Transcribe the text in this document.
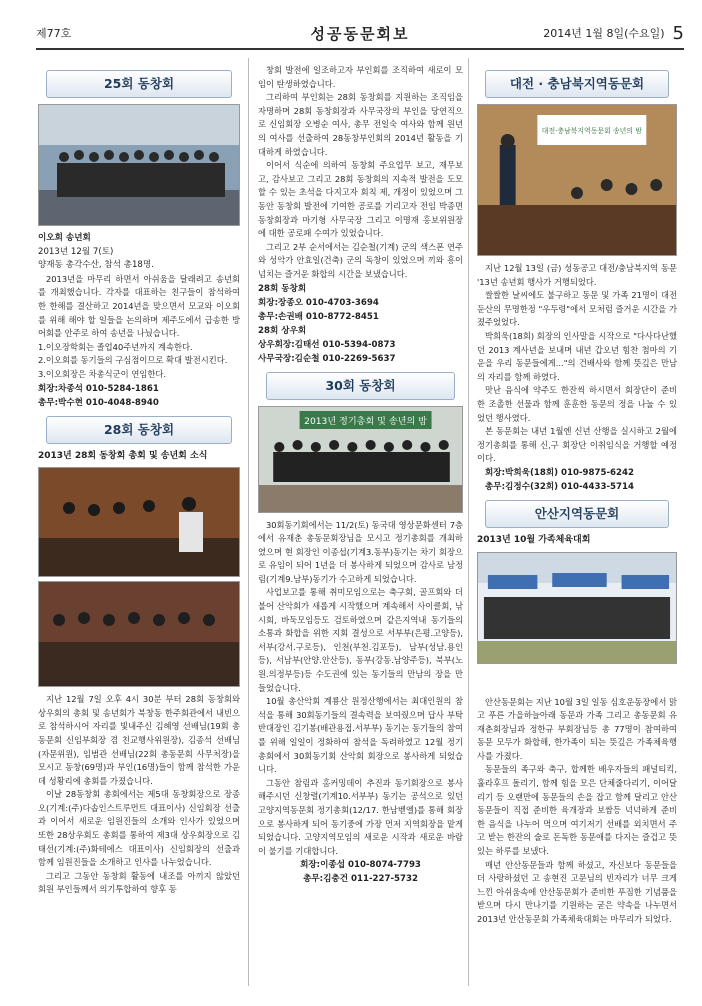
제77호	성공동문회보	2014년 1월 8일(수요일) 5
25회 동창회
이오회 송년회
2013년 12월 7(토)
양재동 총각수산, 참석 총18명.

2013년을 마무리 하면서 아쉬움을 달래려고 송년회를 개최했습니다. 각자를 대표하는 친구들이 참석하여 한 한해를 결산하고 2014년을 맞으면서 모교와 이오회를 위해 해야 할 일들을 논의하며 제주도에서 급송한 방어회를 안주로 하여 송년을 나눴습니다.

1.이오장학회는 졸업40주년까지 계속한다.
2.이오회를 동기들의 구심점이므로 확대 발전시킨다.
3.이오회장은 차총식군이 연임한다.
회장:차종석 010-5284-1861
총무:박수현 010-4048-8940
28회 동창회
2013년 28회 동창회 총회 및 송년회 소식

지난 12월 7일 오후 4시 30분 부터 28회 동창회와 상우회의 총회 및 송년회가 북창동 한주회관에서 내빈으로 참석하시어 자리를 빛내주신 김혜영 선배님(19회 총동문회 신임부회장 겸 친교행사위원장), 김종석 선배님(자문위원), 임범관 선배님(22회 총동문회 사무처장)을 모시고 동창(69명)과 부인(16명)들이 함께 참석한 가운데 성황리에 총회를 가졌습니다.

이날 28동창회 총회에서는 제5대 동창회장으로 장종오(기계:(주)다솝인스트루먼트 대표이사) 신임회장 선출과 이어서 새로운 임원진들의 소개와 인사가 있었으며 또한 28상우회도 총회를 통하여 제3대 상우회장으로 김태선(기계:(주)화테에스 대표이사) 신임회장의 선출과 함께 임원진들을 소개하고 인사를 나누었습니다.

그리고 그동안 동창회 활동에 내조를 아끼지 않았던 회원 부인들께서 의기투합하여 향후 동

창회 발전에 일조하고자 부인회를 조직하여 새로이 모임이 탄생하였습니다.

그리하여 부인회는 28회 동창회를 지원하는 조직임을 자명하며 28회 동창회장과 사무국장의 부인을 당연직으로 신임회장 오병순 여사, 총무 전일숙 여사와 함께 원년의 여사를 선출하여 28동창부인회의 2014년 활동을 기대하게 하였습니다.

이어서 식순에 의하여 동창회 주요업무 보고, 재무보고, 감사보고 그리고 28회 동창회의 지속적 발전을 도모할 수 있는 초석을 다지고자 회칙 제, 개정이 있었으며 그 동안 동창회 발전에 기여한 공로를 기리고자 전임 박종면 동창회장과 마기형 사무국장 그리고 이명재 홍보위원장에 대한 공로패 수여가 있었습니다.

그리고 2부 순서에서는 김순철(기계) 군의 색스폰 연주와 성악가 안효일(건축) 군의 독창이 있었으며 끼와 흥이 넘치는 즐거운 화합의 시간을 보냈습니다.

28회 동창회
회장:장종오 010-4703-3694
총무:손권배 010-8772-8451
28회 상우회
상우회장:김태선 010-5394-0873
사무국장:김순철 010-2269-5637
30회 동창회
2013년 정기총회 및 송년의 밤

30회동기회에서는 11/2(토) 동국대 영상문화센터 7층에서 유재춘 총동문회장님을 모시고 정기총회를 개최하였으며 현 회장인 이종섭(기계3.동부)동기는 차기 회장으로 유임이 되어 1년을 더 봉사하게 되었으며 감사로 남정림(기계9.남부)동기가 수고하게 되었습니다.

사업보고를 통해 취미모임으로는 축구회, 골프회와 더불어 산악회가 새롭게 시작했으며 계속해서 사이클회, 낚시회, 바둑모임등도 검토하였으며 같은지역내 동기들의 소통과 화합을 위한 지회 결성으로 서부부(은평.고양등), 서부(강서.구로등), 인천(부천.김포등), 남부(성남.용인등), 서남부(안양.안산등), 동부(강동.남양주등), 북부(노원.의정부등)등 수도권에 있는 동기들의 만남의 장을 만들었습니다.

10월 총산악회 계룡산 원정산행에서는 최대인원의 참석을 통해 30회동기들의 결속력을 보여줬으며 답사 부탁반대장인 김기봉(배관용접.서부부) 동기는 동기들의 참여를 위해 일일이 정화하여 참석을 독려하였고 12월 정기총회에서 30회동기회 산악회 회장으로 봉사하게 되었습니다.

그동안 참림과 홈커밍데이 추진과 동기회장으로 봉사해주시던 신창렬(기계10.서부부) 동기는 공석으로 있던 고양지역동문회 정기총회(12/17. 한남벧엘)를 통해 회장으로 봉사하게 되어 동기중에 가장 먼저 지역회장을 맡게 되었습니다. 고양지역모임의 새로운 시작과 새로운 바람이 불기를 기대합니다.

회장:이종섭 010-8074-7793
총무:김충건 011-227-5732
대전 · 충남북지역동문회
대전·충남북지역동문회 송년의 밤

지난 12월 13일 (금) 성동공고 대전/충남북지역 동문 '13년 송년회 행사가 거행되었다.

쌀쌀한 날씨에도 불구하고 동문 및 가족 21명이 대전 둔산의 무명한정 "우두령"에서 모처럼 즐거운 시간을 가졌주었었다.

박희욱(18회) 회장의 인사말을 시작으로 "다사다난했던 2013 계사년을 보내며 내년 갑오년 힘찬 첨마의 기운을 우리 동문들에게..."의 건배사와 함께 뜻깊은 만남의 자리를 함께 하였다.

맛난 음식에 약주도 한잔씩 하시면서 회장단이 준비한 조촐한 선물과 함께 훈훈한 동문의 정을 나눌 수 있었던 행사였다.

본 동문회는 내년 1월엔 신년 산행을 실시하고 2월에 정기총회를 통해 신,구 회장단 이취임식을 거행할 예정이다.

회장:박희욱(18회) 010-9875-6242
총무:김정수(32회) 010-4433-5714
안산지역동문회
2013년 10월 가족체육대회

안산동문회는 지난 10월 3일 일동 심호운동장에서 맑고 푸른 가을하늘아래 동문과 가족 그리고 총동문회 유재춘회장님과 정한규 부회장님등 총 77명이 참여하여 동문 모두가 화합해, 한가족이 되는 뜻깊은 가족체육행사를 가졌다.

동문들의 족구와 축구, 합께한 배우자들의 패널티킥, 훌라후프 돌리기, 함께 힘을 모은 단체줄다리기, 이어달리기 등 오랜만에 동문들의 손을 잡고 함께 달리고 안산동문들이 직접 준비한 육개장과 보쌈등 넉넉하게 준비한 음식을 나누어 먹으며 여기저기 선배를 외치면서 주고 받는 한잔의 술로 돈독한 동문애를 다지는 즐겁고 뜻있는 하루를 보냈다.

매년 안산동문들과 함께 하셨고, 자신보다 동문들을 더 사랑하셨던 고 송현진 고문님의 빈자리가 너무 크게 느낀 아쉬움속에 안산동문회가 준비한 푸짐한 기념품을 받으며 다시 만나기를 기원하는 굳은 약속을 나누면서 2013년 안산동문회 가족체육대회는 마무리가 되었다.
